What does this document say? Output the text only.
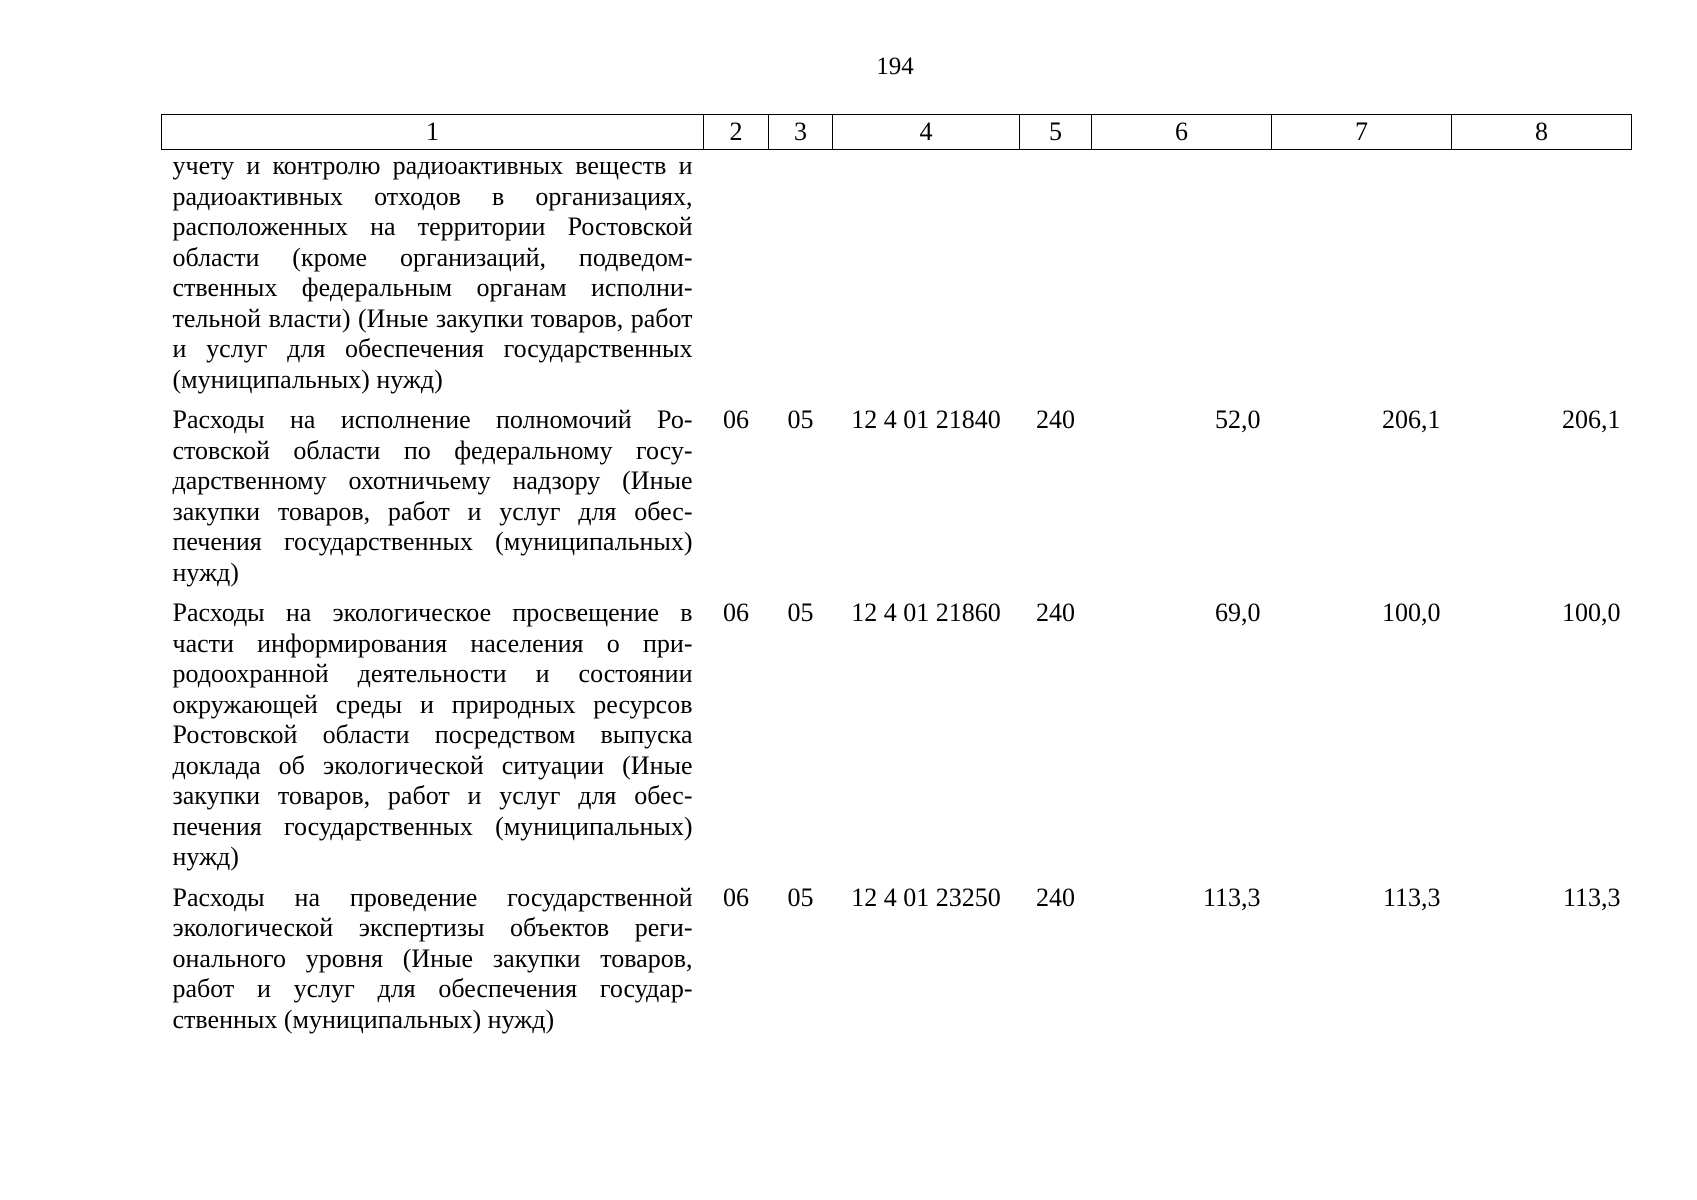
194
1	2	3	4	5	6	7	8
учету и контролю радиоактивных веществ и радиоактивных отходов в организациях, расположенных на территории Ростовской области (кроме организаций, подведомственных федеральным органам исполнительной власти) (Иные закупки товаров, работ и услуг для обеспечения государственных (муниципальных) нужд)							
Расходы на исполнение полномочий Ростовской области по федеральному государственному охотничьему надзору (Иные закупки товаров, работ и услуг для обеспечения государственных (муниципальных) нужд)	06	05	12 4 01 21840	240	52,0	206,1	206,1
Расходы на экологическое просвещение в части информирования населения о природоохранной деятельности и состоянии окружающей среды и природных ресурсов Ростовской области посредством выпуска доклада об экологической ситуации (Иные закупки товаров, работ и услуг для обеспечения государственных (муниципальных) нужд)	06	05	12 4 01 21860	240	69,0	100,0	100,0
Расходы на проведение государственной экологической экспертизы объектов регионального уровня (Иные закупки товаров, работ и услуг для обеспечения государственных (муниципальных) нужд)	06	05	12 4 01 23250	240	113,3	113,3	113,3
